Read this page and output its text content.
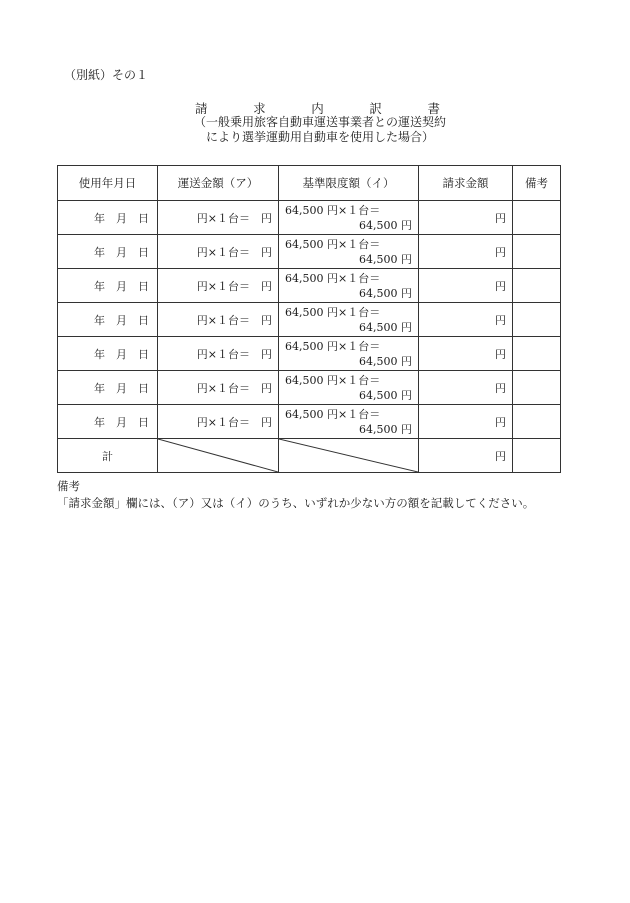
（別紙）その１
請	求	内	訳	書
（一般乗用旅客自動車運送事業者との運送契約
により選挙運動用自動車を使用した場合）
使用年月日	運送金額（ア）	基準限度額（イ）	請求金額	備考

年 月 日	円×１台＝　円	64,500 円×１台＝
64,500 円	円	

年 月 日	円×１台＝　円	64,500 円×１台＝
64,500 円	円	

年 月 日	円×１台＝　円	64,500 円×１台＝
64,500 円	円	

年 月 日	円×１台＝　円	64,500 円×１台＝
64,500 円	円	

年 月 日	円×１台＝　円	64,500 円×１台＝
64,500 円	円	

年 月 日	円×１台＝　円	64,500 円×１台＝
64,500 円	円	

年 月 日	円×１台＝　円	64,500 円×１台＝
64,500 円	円	
計			円	
備考
「請求金額」欄には、（ア）又は（イ）のうち、いずれか少ない方の額を記載してください。
